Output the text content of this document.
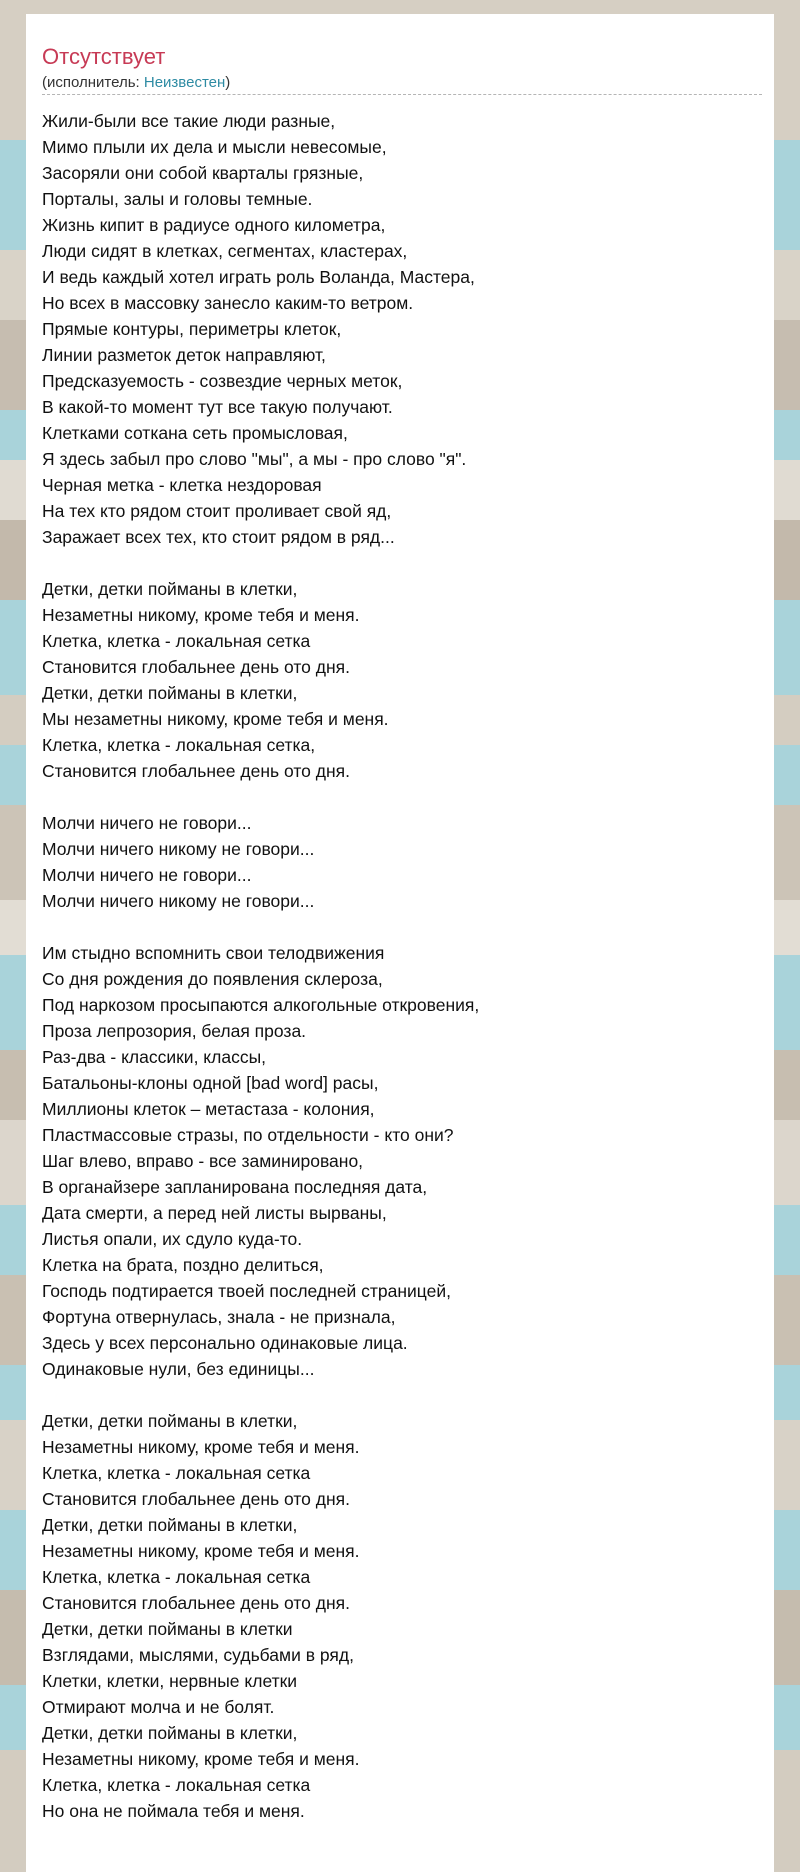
Отсутствует
(исполнитель: Неизвестен)
Жили-были все такие люди разные,
Мимо плыли их дела и мысли невесомые,
Засоряли они собой кварталы грязные,
Порталы, залы и головы темные.
Жизнь кипит в радиусе одного километра,
Люди сидят в клетках, сегментах, кластерах,
И ведь каждый хотел играть роль Воланда, Мастера,
Но всех в массовку занесло каким-то ветром.
Прямые контуры, периметры клеток,
Линии разметок деток направляют,
Предсказуемость - созвездие черных меток,
В какой-то момент тут все такую получают.
Клетками соткана сеть промысловая,
Я здесь забыл про слово "мы", а мы - про слово "я".
Черная метка - клетка нездоровая
На тех кто рядом стоит проливает свой яд,
Заражает всех тех, кто стоит рядом в ряд...
Детки, детки пойманы в клетки,
Незаметны никому, кроме тебя и меня.
Клетка, клетка - локальная сетка
Становится глобальнее день ото дня.
Детки, детки пойманы в клетки,
Мы незаметны никому, кроме тебя и меня.
Клетка, клетка - локальная сетка,
Становится глобальнее день ото дня.
Молчи ничего не говори...
Молчи ничего никому не говори...
Молчи ничего не говори...
Молчи ничего никому не говори...
Им стыдно вспомнить свои телодвижения
Со дня рождения до появления склероза,
Под наркозом просыпаются алкогольные откровения,
Проза лепрозория, белая проза.
Раз-два - классики, классы,
Батальоны-клоны одной [bad word] расы,
Миллионы клеток – метастаза - колония,
Пластмассовые стразы, по отдельности - кто они?
Шаг влево, вправо - все заминировано,
В органайзере запланирована последняя дата,
Дата смерти, а перед ней листы вырваны,
Листья опали, их сдуло куда-то.
Клетка на брата, поздно делиться,
Господь подтирается твоей последней страницей,
Фортуна отвернулась, знала - не признала,
Здесь у всех персонально одинаковые лица.
Одинаковые нули, без единицы...
Детки, детки пойманы в клетки,
Незаметны никому, кроме тебя и меня.
Клетка, клетка - локальная сетка
Становится глобальнее день ото дня.
Детки, детки пойманы в клетки,
Незаметны никому, кроме тебя и меня.
Клетка, клетка - локальная сетка
Становится глобальнее день ото дня.
Детки, детки пойманы в клетки
Взглядами, мыслями, судьбами в ряд,
Клетки, клетки, нервные клетки
Отмирают молча и не болят.
Детки, детки пойманы в клетки,
Незаметны никому, кроме тебя и меня.
Клетка, клетка - локальная сетка
Но она не поймала тебя и меня.
